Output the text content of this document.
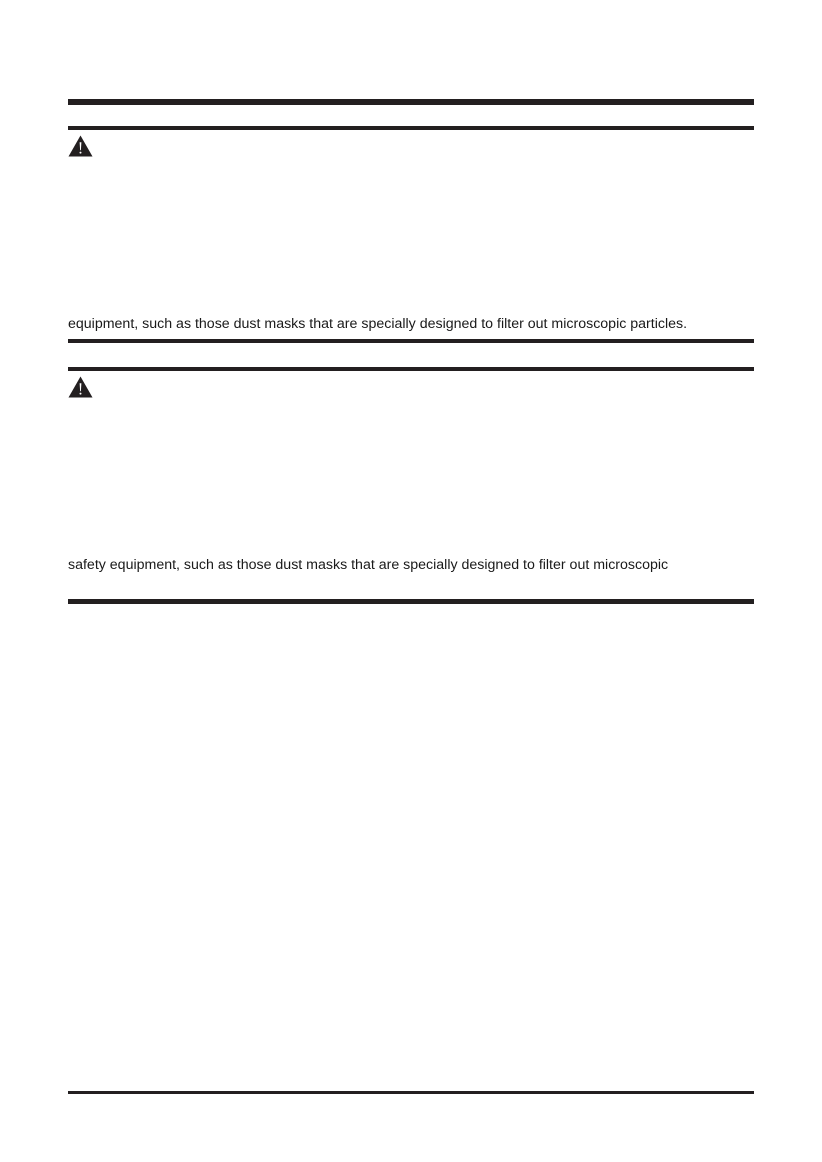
equipment, such as those dust masks that are specially designed to filter out microscopic particles.

safety equipment, such as those dust masks that are specially designed to filter out microscopic
